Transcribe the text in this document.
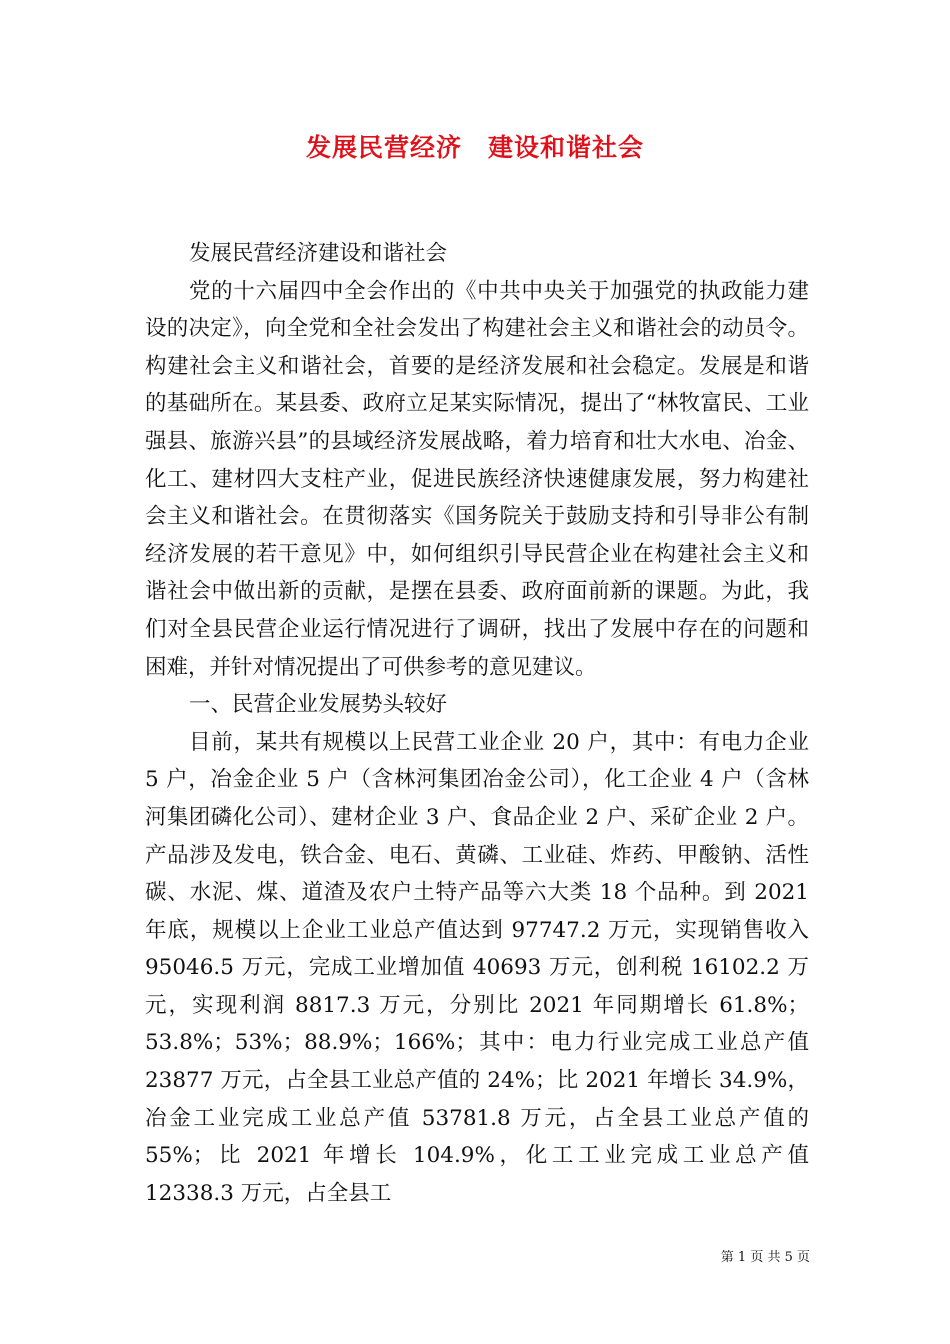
发展民营经济　建设和谐社会

发展民营经济建设和谐社会

党的十六届四中全会作出的《中共中央关于加强党的执政能力建设的决定》，向全党和全社会发出了构建社会主义和谐社会的动员令。构建社会主义和谐社会，首要的是经济发展和社会稳定。发展是和谐的基础所在。某县委、政府立足某实际情况，提出了“林牧富民、工业强县、旅游兴县”的县域经济发展战略，着力培育和壮大水电、冶金、化工、建材四大支柱产业，促进民族经济快速健康发展，努力构建社会主义和谐社会。在贯彻落实《国务院关于鼓励支持和引导非公有制经济发展的若干意见》中，如何组织引导民营企业在构建社会主义和谐社会中做出新的贡献，是摆在县委、政府面前新的课题。为此，我们对全县民营企业运行情况进行了调研，找出了发展中存在的问题和困难，并针对情况提出了可供参考的意见建议。

一、民营企业发展势头较好

目前，某共有规模以上民营工业企业 20 户，其中：有电力企业 5 户，冶金企业 5 户（含林河集团冶金公司），化工企业 4 户（含林河集团磷化公司）、建材企业 3 户、食品企业 2 户、采矿企业 2 户。产品涉及发电，铁合金、电石、黄磷、工业硅、炸药、甲酸钠、活性碳、水泥、煤、道渣及农户土特产品等六大类 18 个品种。到 2021 年底，规模以上企业工业总产值达到 97747.2 万元，实现销售收入 95046.5 万元，完成工业增加值 40693 万元，创利税 16102.2 万元，实现利润 8817.3 万元，分别比 2021 年同期增长 61.8%；53.8%；53%；88.9%；166%；其中：电力行业完成工业总产值 23877 万元，占全县工业总产值的 24%；比 2021 年增长 34.9%，冶金工业完成工业总产值 53781.8 万元，占全县工业总产值的 55%；比 2021 年增长 104.9%，化工工业完成工业总产值 12338.3 万元，占全县工

第 1 页 共 5 页
